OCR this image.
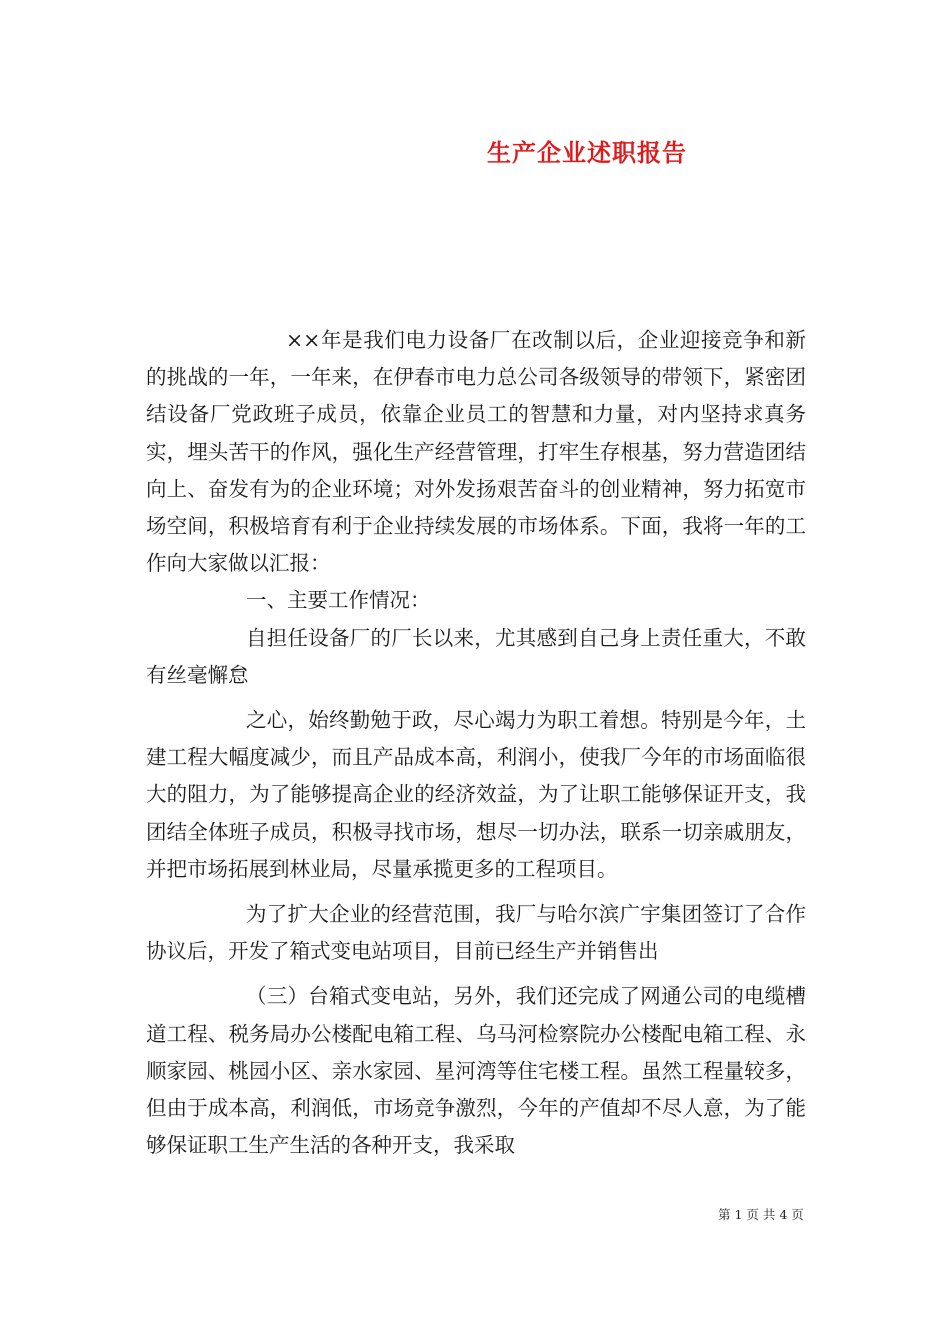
生产企业述职报告

××年是我们电力设备厂在改制以后，企业迎接竞争和新的挑战的一年，一年来，在伊春市电力总公司各级领导的带领下，紧密团结设备厂党政班子成员，依靠企业员工的智慧和力量，对内坚持求真务实，埋头苦干的作风，强化生产经营管理，打牢生存根基，努力营造团结向上、奋发有为的企业环境；对外发扬艰苦奋斗的创业精神，努力拓宽市场空间，积极培育有利于企业持续发展的市场体系。下面，我将一年的工作向大家做以汇报：

一、主要工作情况：

自担任设备厂的厂长以来，尤其感到自己身上责任重大，不敢有丝毫懈怠

之心，始终勤勉于政，尽心竭力为职工着想。特别是今年，土建工程大幅度减少，而且产品成本高，利润小，使我厂今年的市场面临很大的阻力，为了能够提高企业的经济效益，为了让职工能够保证开支，我团结全体班子成员，积极寻找市场，想尽一切办法，联系一切亲戚朋友，并把市场拓展到林业局，尽量承揽更多的工程项目。

为了扩大企业的经营范围，我厂与哈尔滨广宇集团签订了合作协议后，开发了箱式变电站项目，目前已经生产并销售出

（三）台箱式变电站，另外，我们还完成了网通公司的电缆槽道工程、税务局办公楼配电箱工程、乌马河检察院办公楼配电箱工程、永顺家园、桃园小区、亲水家园、星河湾等住宅楼工程。虽然工程量较多，但由于成本高，利润低，市场竞争激烈，今年的产值却不尽人意，为了能够保证职工生产生活的各种开支，我采取

第 1 页 共 4 页
